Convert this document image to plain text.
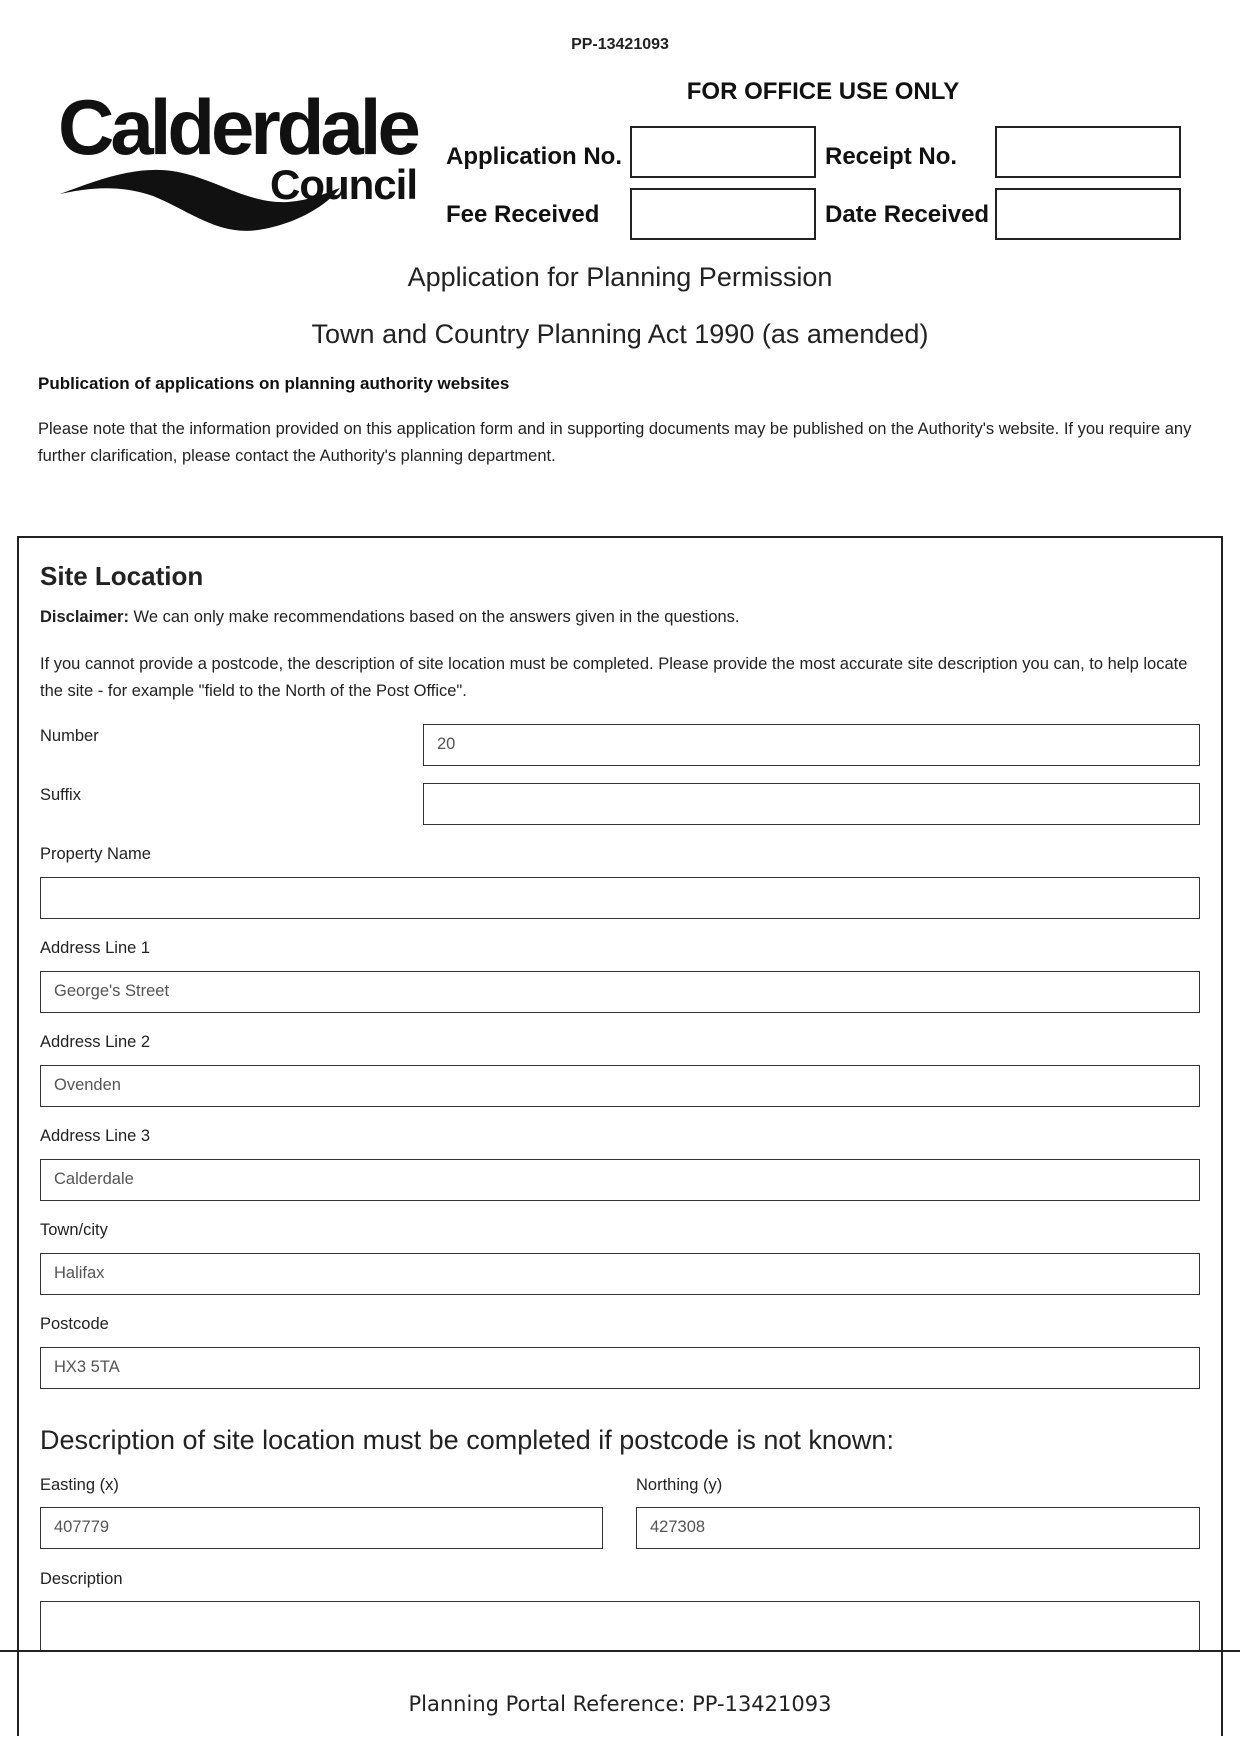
PP-13421093
Calderdale
Council
FOR OFFICE USE ONLY
Application No.	Receipt No.
Fee Received	Date Received
Application for Planning Permission
Town and Country Planning Act 1990 (as amended)
Publication of applications on planning authority websites
Please note that the information provided on this application form and in supporting documents may be published on the Authority's website. If you require any further clarification, please contact the Authority's planning department.
Site Location
Disclaimer: We can only make recommendations based on the answers given in the questions.
If you cannot provide a postcode, the description of site location must be completed. Please provide the most accurate site description you can, to help locate the site - for example "field to the North of the Post Office".
Number	20
Suffix
Property Name
Address Line 1
George's Street
Address Line 2
Ovenden
Address Line 3
Calderdale
Town/city
Halifax
Postcode
HX3 5TA
Description of site location must be completed if postcode is not known:
Easting (x)
407779
Northing (y)
427308
Description
Planning Portal Reference: PP-13421093
